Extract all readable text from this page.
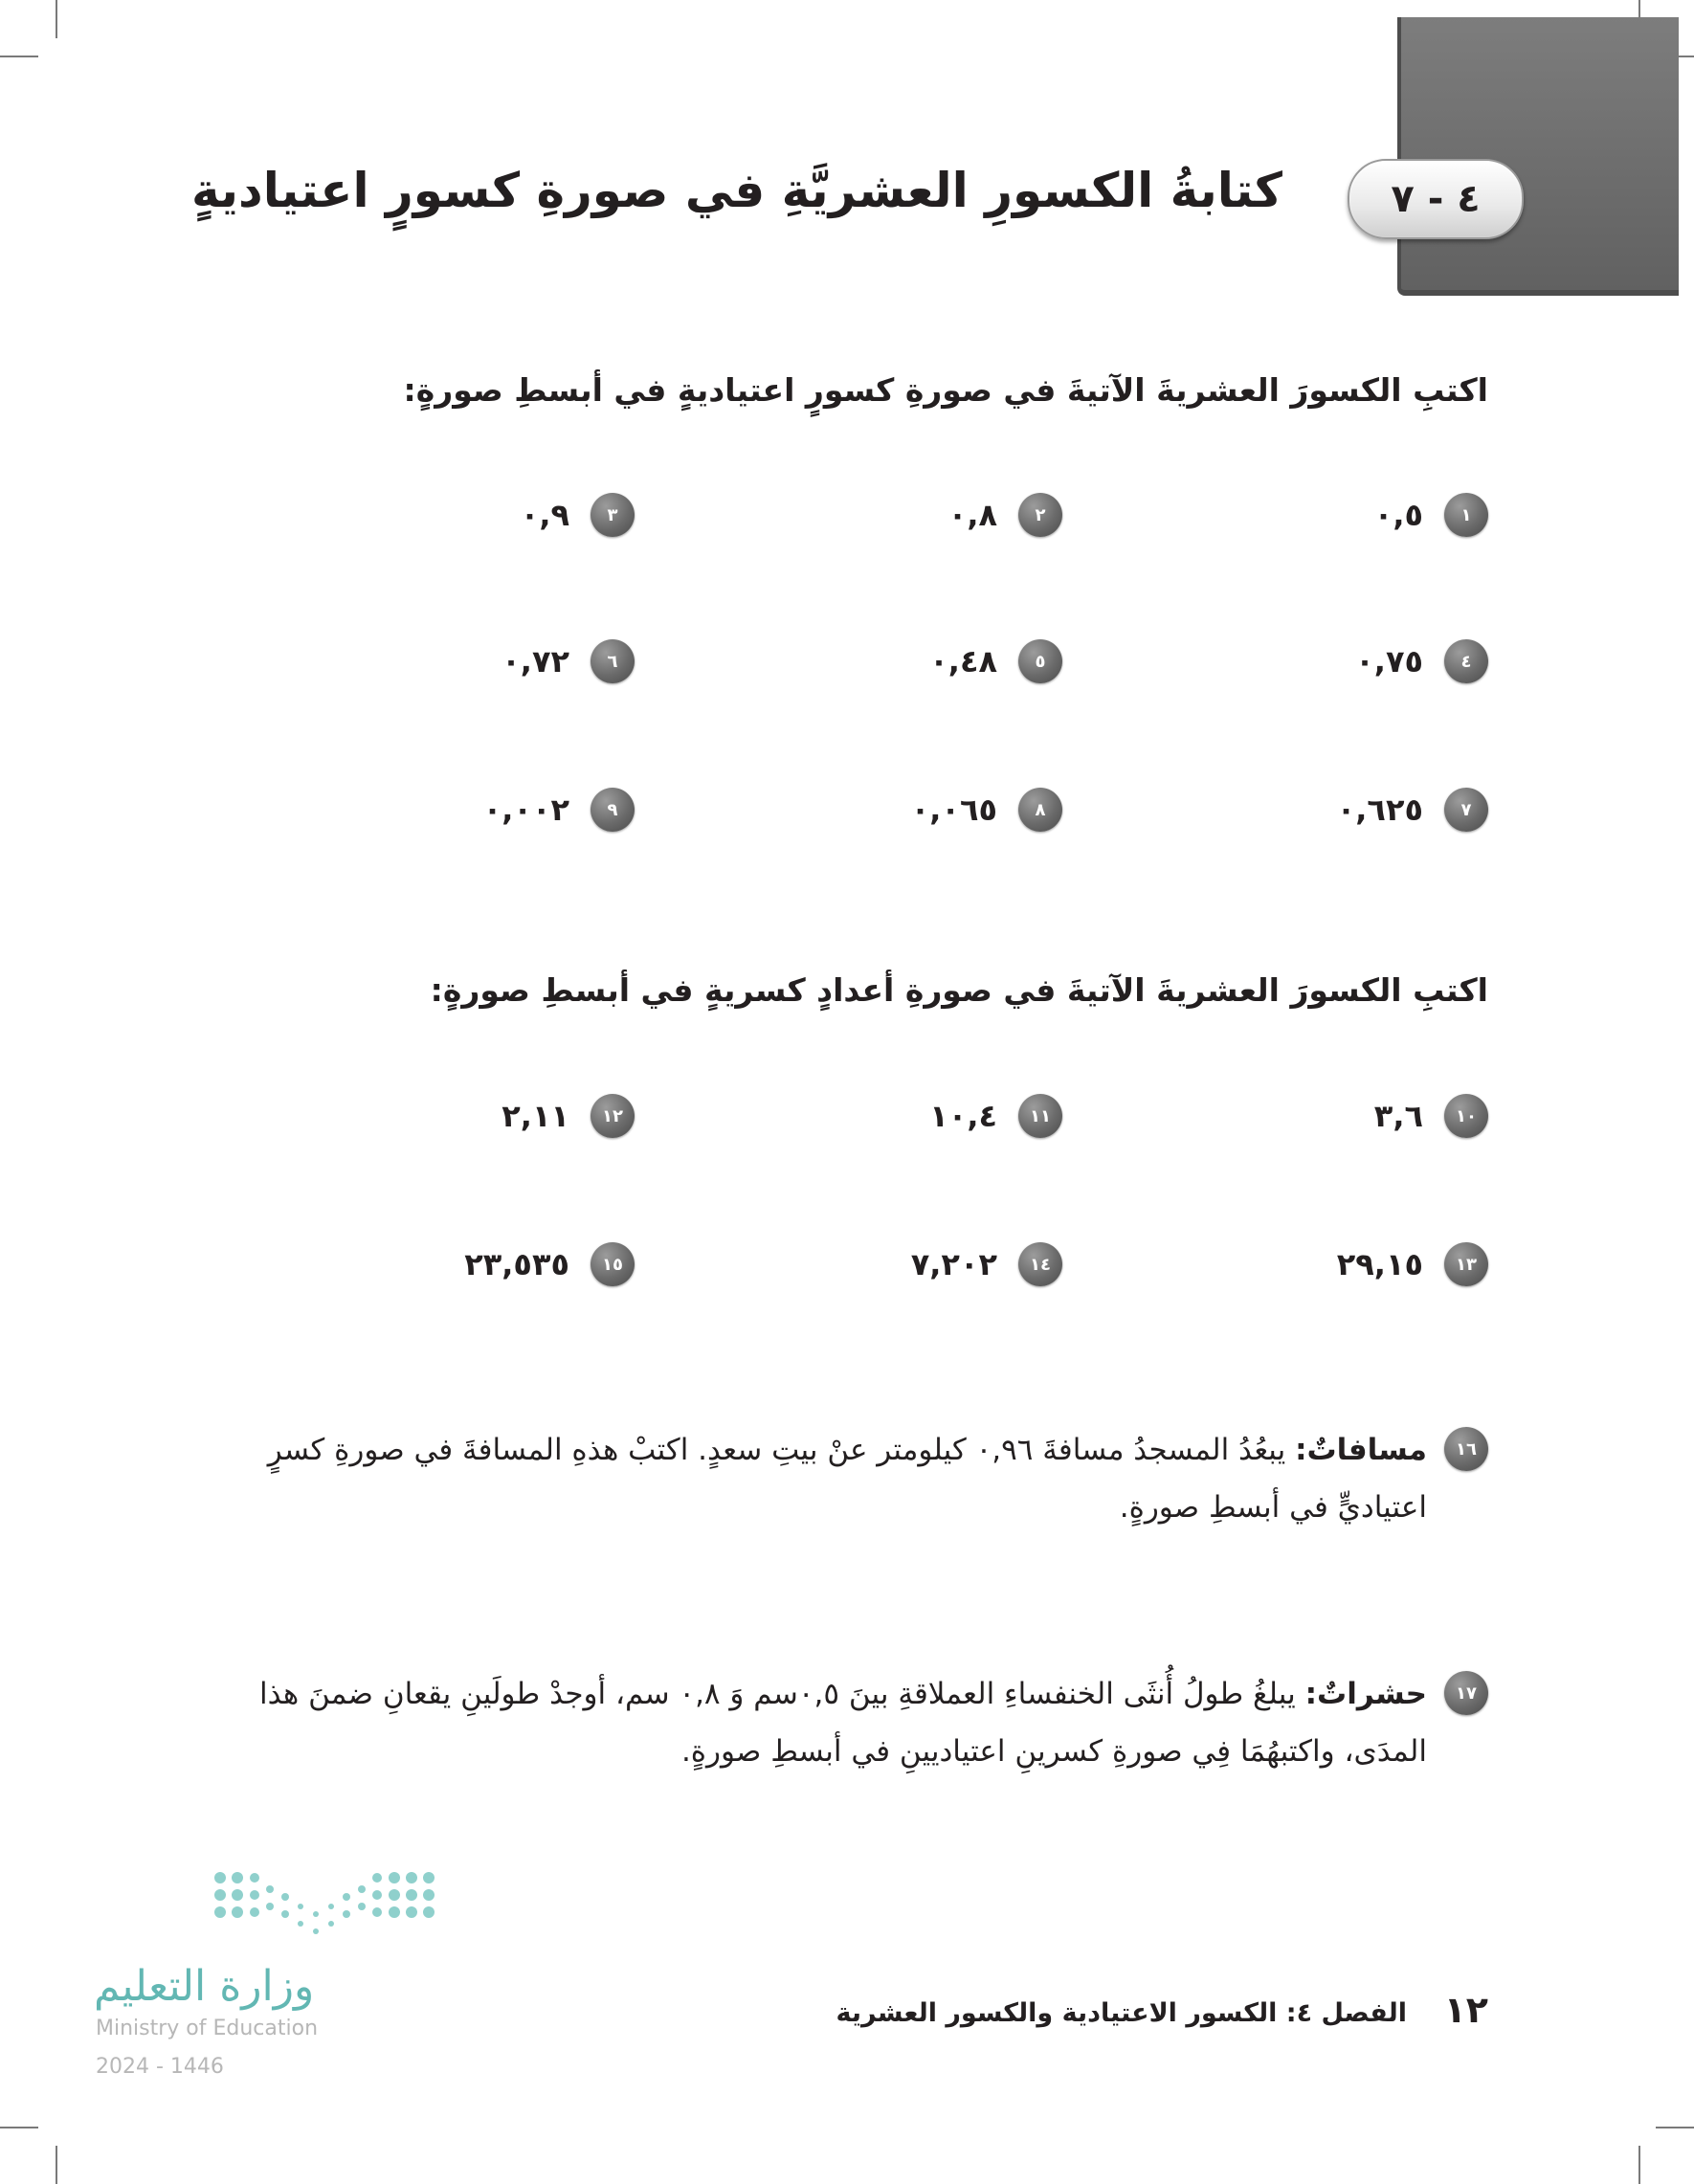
٤ - ٧
كتابةُ الكسورِ العشريَّةِ في صورةِ كسورٍ اعتياديةٍ
اكتبِ الكسورَ العشريةَ الآتيةَ في صورةِ كسورٍ اعتياديةٍ في أبسطِ صورةٍ:
١
٠,٥
٢
٠,٨
٣
٠,٩
٤
٠,٧٥
٥
٠,٤٨
٦
٠,٧٢
٧
٠,٦٢٥
٨
٠,٠٦٥
٩
٠,٠٠٢
اكتبِ الكسورَ العشريةَ الآتيةَ في صورةِ أعدادٍ كسريةٍ في أبسطِ صورةٍ:
١٠
٣,٦
١١
١٠,٤
١٢
٢,١١
١٣
٢٩,١٥
١٤
٧,٢٠٢
١٥
٢٣,٥٣٥
١٦
مسافاتٌ: يبعُدُ المسجدُ مسافةَ ٠,٩٦ كيلومتر عنْ بيتِ سعدٍ. اكتبْ هذهِ المسافةَ في صورةِ كسرٍ اعتياديٍّ في أبسطِ صورةٍ.
١٧
حشراتٌ: يبلغُ طولُ أُنثَى الخنفساءِ العملاقةِ بينَ ٠,٥سم وَ ٠,٨ سم، أوجدْ طولَينِ يقعانِ ضمنَ هذا المدَى، واكتبهُمَا فِي صورةِ كسرينِ اعتياديينِ في أبسطِ صورةٍ.
وزارة التعليم
Ministry of Education
2024 - 1446
١٢
الفصل ٤: الكسور الاعتيادية والكسور العشرية
